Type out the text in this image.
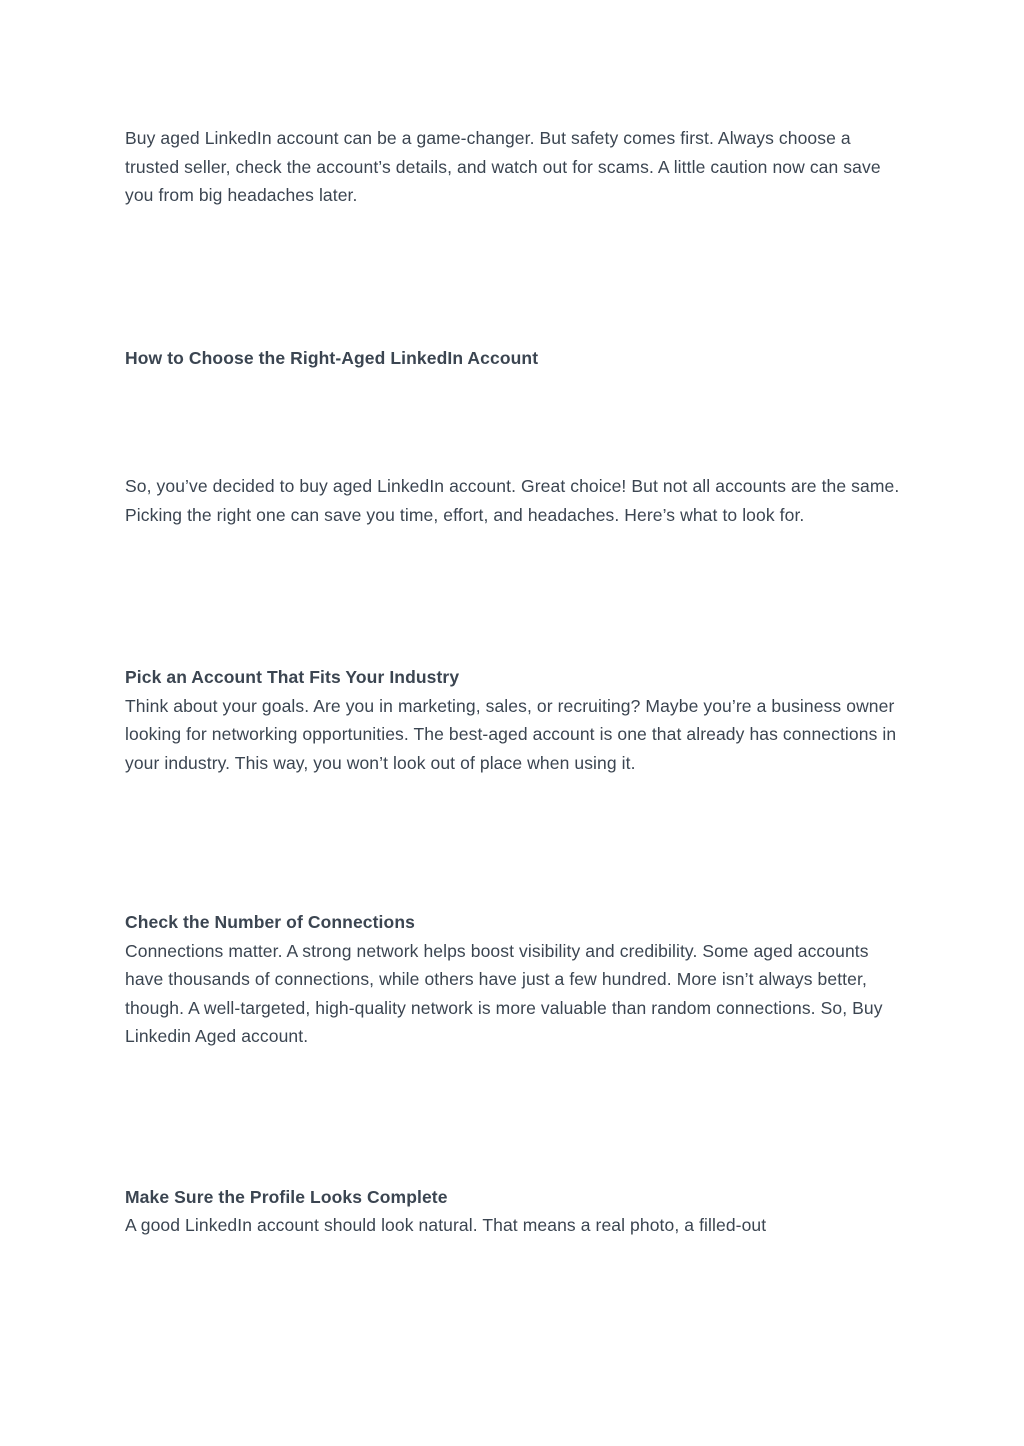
Buy aged LinkedIn account can be a game-changer. But safety comes first. Always choose a trusted seller, check the account’s details, and watch out for scams. A little caution now can save you from big headaches later.

How to Choose the Right-Aged LinkedIn Account

So, you’ve decided to buy aged LinkedIn account. Great choice! But not all accounts are the same. Picking the right one can save you time, effort, and headaches. Here’s what to look for.

Pick an Account That Fits Your Industry

Think about your goals. Are you in marketing, sales, or recruiting? Maybe you’re a business owner looking for networking opportunities. The best-aged account is one that already has connections in your industry. This way, you won’t look out of place when using it.

Check the Number of Connections

Connections matter. A strong network helps boost visibility and credibility. Some aged accounts have thousands of connections, while others have just a few hundred. More isn’t always better, though. A well-targeted, high-quality network is more valuable than random connections. So, Buy Linkedin Aged account.

Make Sure the Profile Looks Complete

A good LinkedIn account should look natural. That means a real photo, a filled-out
